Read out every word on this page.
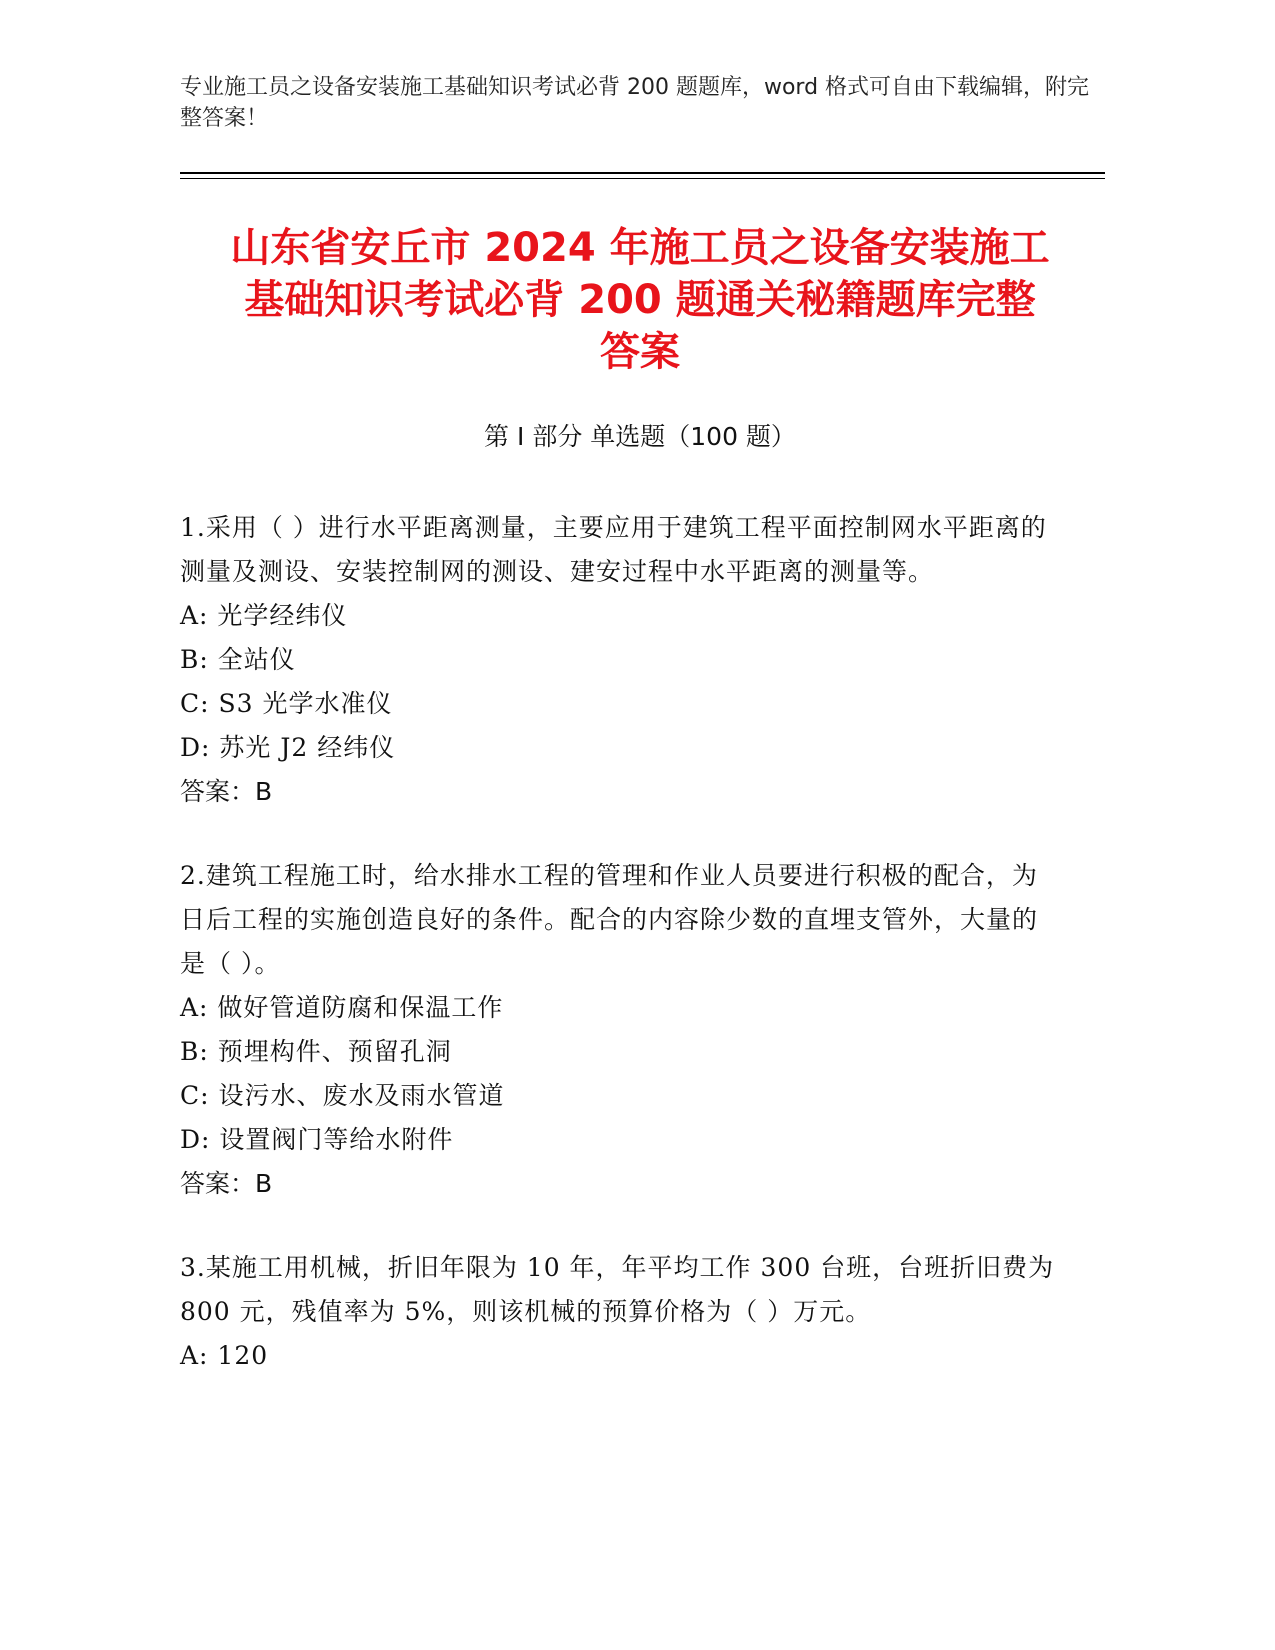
专业施工员之设备安装施工基础知识考试必背 200 题题库，word 格式可自由下载编辑，附完整答案！
山东省安丘市 2024 年施工员之设备安装施工
基础知识考试必背 200 题通关秘籍题库完整
答案
第 I 部分 单选题（100 题）
1.采用（ ）进行水平距离测量，主要应用于建筑工程平面控制网水平距离的测量及测设、安装控制网的测设、建安过程中水平距离的测量等。
A: 光学经纬仪
B: 全站仪
C: S3 光学水准仪
D: 苏光 J2 经纬仪
答案：B
2.建筑工程施工时，给水排水工程的管理和作业人员要进行积极的配合，为日后工程的实施创造良好的条件。配合的内容除少数的直埋支管外，大量的是（ ）。
A: 做好管道防腐和保温工作
B: 预埋构件、预留孔洞
C: 设污水、废水及雨水管道
D: 设置阀门等给水附件
答案：B
3.某施工用机械，折旧年限为 10 年，年平均工作 300 台班，台班折旧费为 800 元，残值率为 5%，则该机械的预算价格为（ ）万元。
A: 120
